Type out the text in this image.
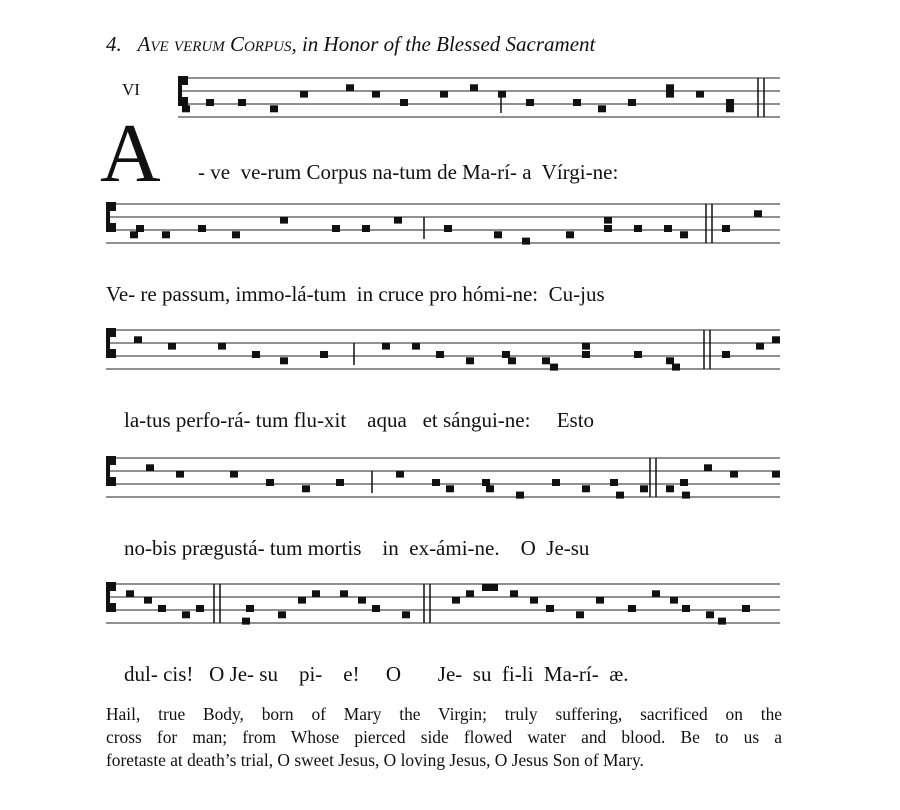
4. Ave verum Corpus, in Honor of the Blessed Sacrament
VI
A - ve  ve-rum Corpus na-tum de Ma-rí- a  Vírgi-ne:
Ve- re passum, immo-lá-tum  in cruce pro hómi-ne:  Cu-jus
la-tus perfo-rá- tum flu-xit    aqua   et sángui-ne:     Esto
no-bis prægustá- tum mortis    in  ex-ámi-ne.    O  Je-su
dul- cis!   O Je- su    pi-    e!     O       Je-  su  fi-li  Ma-rí-  æ.
Hail, true Body, born of Mary the Virgin; truly suffering, sacrificed on the
cross for man; from Whose pierced side flowed water and blood. Be to us a
foretaste at death’s trial, O sweet Jesus, O loving Jesus, O Jesus Son of Mary.
